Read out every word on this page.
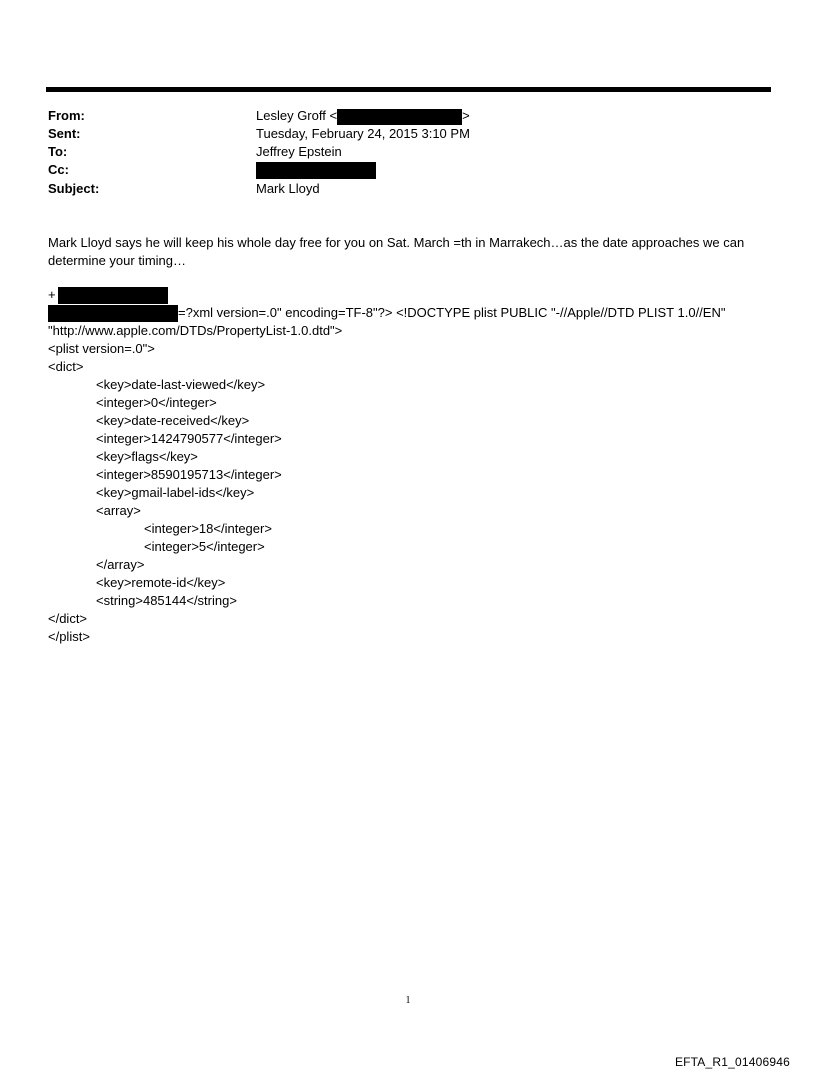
From:	Lesley Groff <	>
Sent:	Tuesday, February 24, 2015 3:10 PM
To:	Jeffrey Epstein
Cc:
Subject:	Mark Lloyd
Mark Lloyd says he will keep his whole day free for you on Sat. March =th in Marrakech…as the date approaches we can determine your timing…
+
=?xml version=.0" encoding=TF-8"?> <!DOCTYPE plist PUBLIC "-//Apple//DTD PLIST 1.0//EN"
"http://www.apple.com/DTDs/PropertyList-1.0.dtd">
<plist version=.0">
<dict>
<key>date-last-viewed</key>
<integer>0</integer>
<key>date-received</key>
<integer>1424790577</integer>
<key>flags</key>
<integer>8590195713</integer>
<key>gmail-label-ids</key>
<array>
<integer>18</integer>
<integer>5</integer>
</array>
<key>remote-id</key>
<string>485144</string>
</dict>
</plist>
1
EFTA_R1_01406946
